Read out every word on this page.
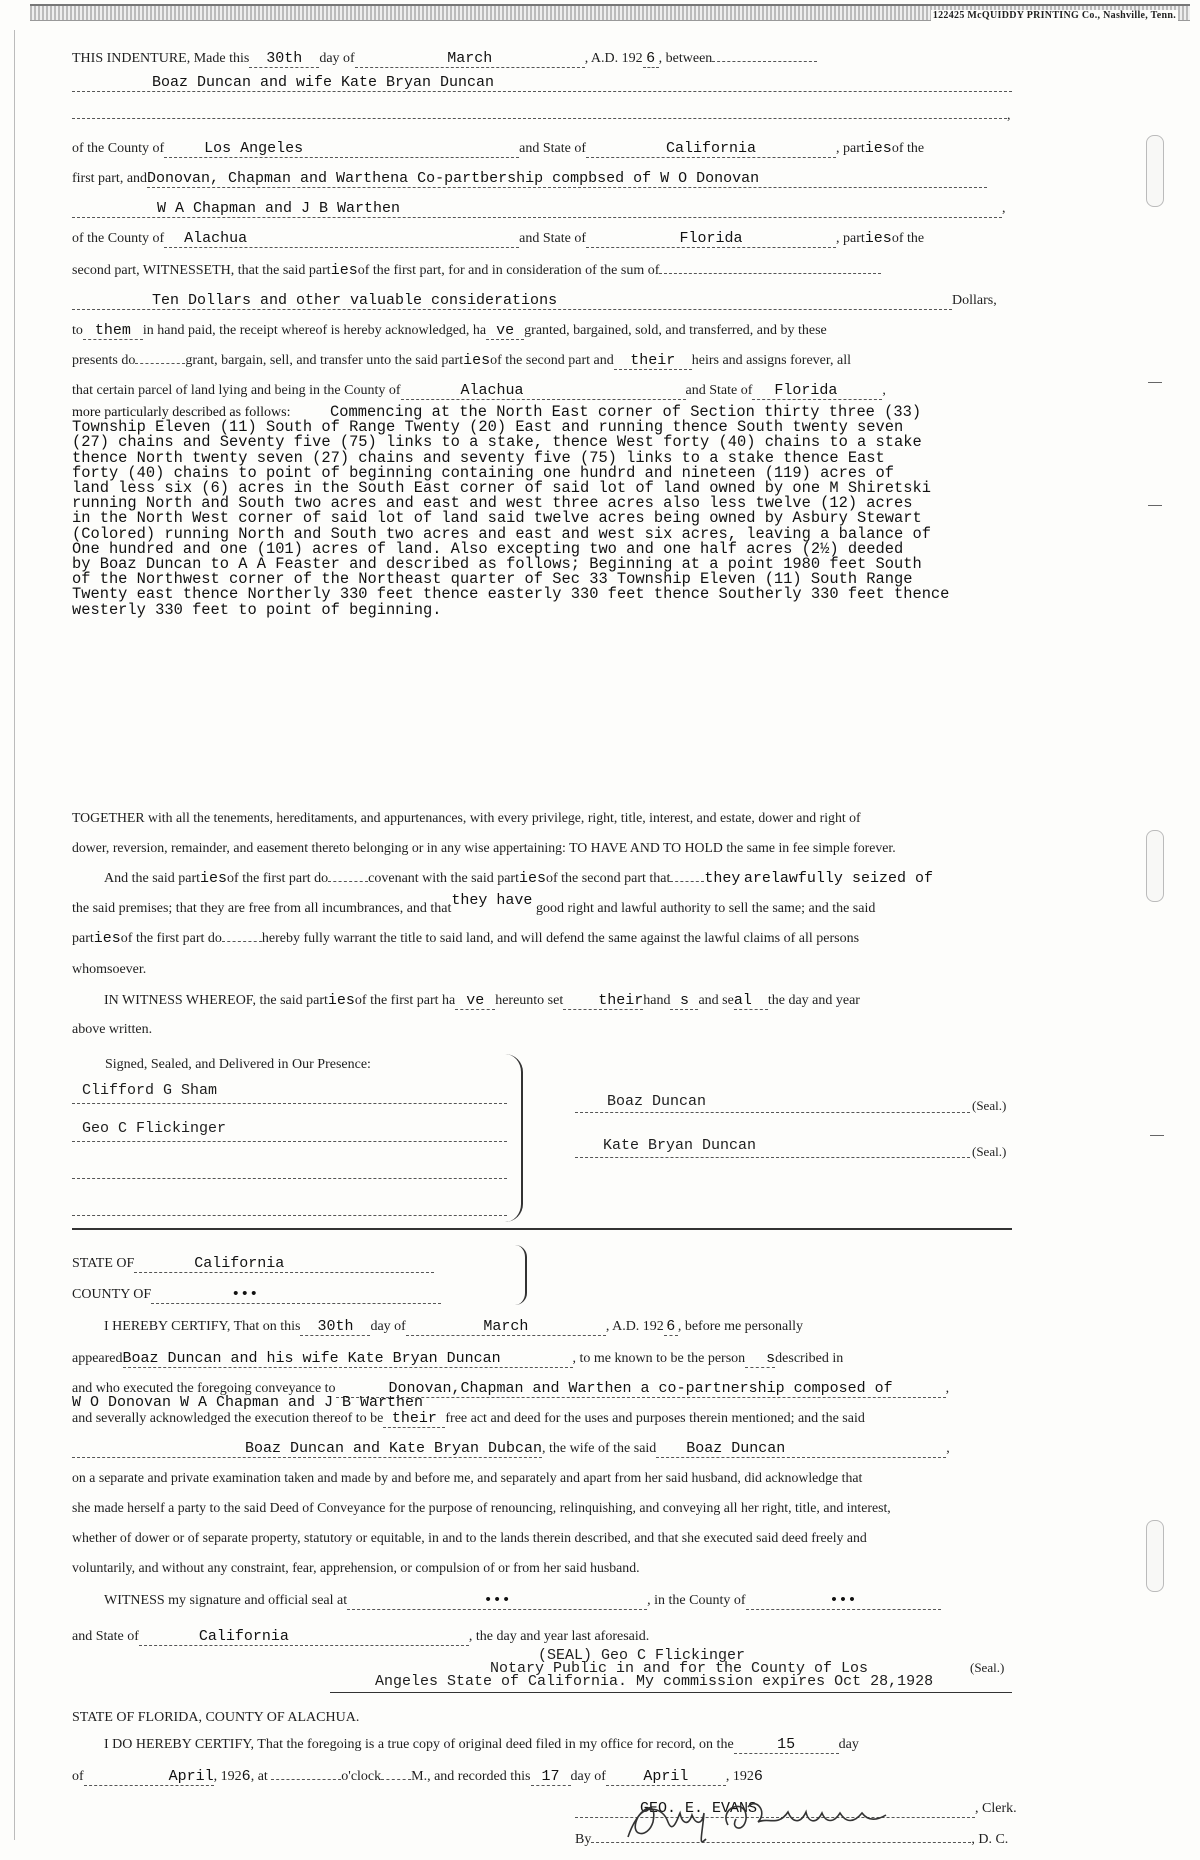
122425 McQUIDDY PRINTING Co., Nashville, Tenn.
THIS INDENTURE, Made this 30th day of	March	, A.D. 192 6 , between
Boaz Duncan and wife Kate Bryan Duncan
,
of the County of	Los Angeles	and State of	California	, partiesof the
first part, andDonovan, Chapman and Warthena Co-partbership compbsed of W O Donovan
W A Chapman and J B Warthen	,
of the County of Alachua	and State of	Florida	, partiesof the
second part, WITNESSETH, that the said partiesof the first part, for and in consideration of the sum of
Ten Dollars and other valuable considerations	Dollars,
to them in hand paid, the receipt whereof is hereby acknowledged, ha ve granted, bargained, sold, and transferred, and by these
presents do	grant, bargain, sell, and transfer unto the said partiesof the second part and their heirs and assigns forever, all
that certain parcel of land lying and being in the County of	Alachua	and State of Florida	,
more particularly described as follows:	Commencing at the North East corner of Section thirty three (33)
Township Eleven (11) South of Range Twenty (20) East and running thence South twenty seven
(27) chains and Seventy five (75) links to a stake, thence West forty (40) chains to a stake
thence North twenty seven (27) chains and seventy five (75) links to a stake thence East
forty (40) chains to point of beginning containing one hundrd and nineteen (119) acres of
land less six (6) acres in the South East corner of said lot of land owned by one M Shiretski
running North and South two acres and east and west three acres also less twelve (12) acres
in the North West corner of said lot of land said twelve acres being owned by Asbury Stewart
(Colored) running North and South two acres and east and west six acres, leaving a balance of
One hundred and one (101) acres of land. Also excepting two and one half acres (2½) deeded
by Boaz Duncan to A A Feaster and described as follows; Beginning at a point 1980 feet South
of the Northwest corner of the Northeast quarter of Sec 33 Township Eleven (11) South Range
Twenty east thence Northerly 330 feet thence easterly 330 feet thence Southerly 330 feet thence
westerly 330 feet to point of beginning.
TOGETHER with all the tenements, hereditaments, and appurtenances, with every privilege, right, title, interest, and estate, dower and right of
dower, reversion, remainder, and easement thereto belonging or in any wise appertaining: TO HAVE AND TO HOLD the same in fee simple forever.
And the said partiesof the first part do	covenant with the said partiesof the second part that they arelawfully seized of
the said premises; that they are free from all incumbrances, and thatthey have good right and lawful authority to sell the same; and the said
partiesof the first part do	hereby fully warrant the title to said land, and will defend the same against the lawful claims of all persons
whomsoever.
IN WITNESS WHEREOF, the said partiesof the first part ha ve hereunto set theirhand s and seal the day and year
above written.
Signed, Sealed, and Delivered in Our Presence:
Clifford G Sham
Geo C Flickinger
Boaz Duncan	(Seal.)
Kate Bryan Duncan	(Seal.)
STATE OF	California
COUNTY OF	•••
I HEREBY CERTIFY, That on this 30th day of	March	, A.D. 192 6 , before me personally
appearedBoaz Duncan and his wife Kate Bryan Duncan	, to me known to be the person sdescribed in
and who executed the foregoing conveyance to	Donovan,Chapman and Warthen a co-partnership composed of	,
W O Donovan W A Chapman and J B Warthen
and severally acknowledged the execution thereof to be their free act and deed for the uses and purposes therein mentioned; and the said
Boaz Duncan and Kate Bryan Dubcan, the wife of the said Boaz Duncan	,
on a separate and private examination taken and made by and before me, and separately and apart from her said husband, did acknowledge that
she made herself a party to the said Deed of Conveyance for the purpose of renouncing, relinquishing, and conveying all her right, title, and interest,
whether of dower or of separate property, statutory or equitable, in and to the lands therein described, and that she executed said deed freely and
voluntarily, and without any constraint, fear, apprehension, or compulsion of or from her said husband.
WITNESS my signature and official seal at	•••	, in the County of	•••
and State of	California	, the day and year last aforesaid.
(SEAL) Geo C Flickinger
Notary Public in and for the County of Los
Angeles State of California. My commission expires Oct 28,1928
(Seal.)
STATE OF FLORIDA, COUNTY OF ALACHUA.
I DO HEREBY CERTIFY, That the foregoing is a true copy of original deed filed in my office for record, on the	15	day
of	April, 1926, at	o'clock M., and recorded this 17 day of April	, 1926
GEO. E. EVANS	, Clerk.
By	, D. C.
